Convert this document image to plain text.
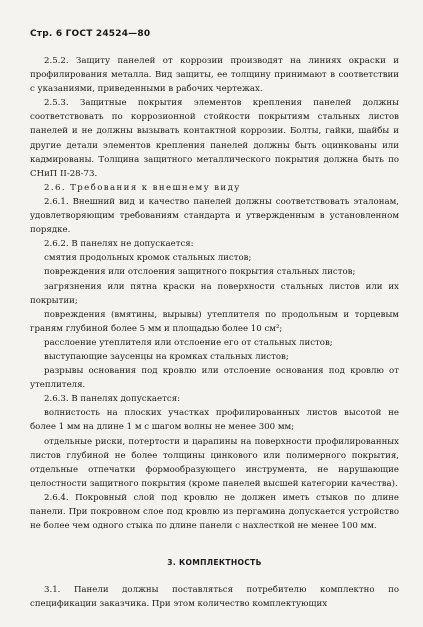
Стр. 6 ГОСТ 24524—80

2.5.2. Защиту панелей от коррозии производят на линиях окраски и профилирования металла. Вид защиты, ее толщину принимают в соответствии с указаниями, приведенными в рабочих чертежах.

2.5.3. Защитные покрытия элементов крепления панелей должны соответствовать по коррозионной стойкости покрытиям стальных листов панелей и не должны вызывать контактной коррозии. Болты, гайки, шайбы и другие детали элементов крепления панелей должны быть оцинкованы или кадмированы. Толщина защитного металлического покрытия должна быть по СНиП II-28-73.

2.6. Требования к внешнему виду

2.6.1. Внешний вид и качество панелей должны соответствовать эталонам, удовлетворяющим требованиям стандарта и утвержденным в установленном порядке.

2.6.2. В панелях не допускается:

смятия продольных кромок стальных листов;

повреждения или отслоения защитного покрытия стальных листов;

загрязнения или пятна краски на поверхности стальных листов или их покрытии;

повреждения (вмятины, вырывы) утеплителя по продольным и торцевым граням глубиной более 5 мм и площадью более 10 см²;

расслоение утеплителя или отслоение его от стальных листов;

выступающие заусенцы на кромках стальных листов;

разрывы основания под кровлю или отслоение основания под кровлю от утеплителя.

2.6.3. В панелях допускается:

волнистость на плоских участках профилированных листов высотой не более 1 мм на длине 1 м с шагом волны не менее 300 мм;

отдельные риски, потертости и царапины на поверхности профилированных листов глубиной не более толщины цинкового или полимерного покрытия, отдельные отпечатки формообразующего инструмента, не нарушающие целостности защитного покрытия (кроме панелей высшей категории качества).

2.6.4. Покровный слой под кровлю не должен иметь стыков по длине панели. При покровном слое под кровлю из пергамина допускается устройство не более чем одного стыка по длине панели с нахлесткой не менее 100 мм.

3. КОМПЛЕКТНОСТЬ

3.1. Панели должны поставляться потребителю комплектно по спецификации заказчика. При этом количество комплектующих
